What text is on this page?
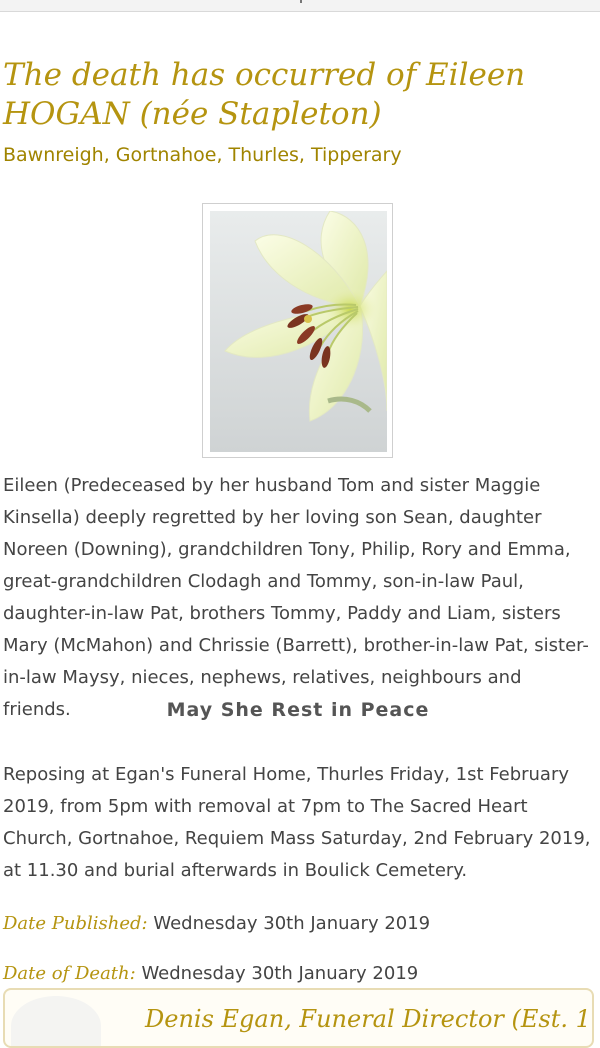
The death has occurred of Eileen HOGAN (née Stapleton)
Bawnreigh, Gortnahoe, Thurles, Tipperary

Eileen (Predeceased by her husband Tom and sister Maggie Kinsella) deeply regretted by her loving son Sean, daughter Noreen (Downing), grandchildren Tony, Philip, Rory and Emma, great-grandchildren Clodagh and Tommy, son-in-law Paul, daughter-in-law Pat, brothers Tommy, Paddy and Liam, sisters Mary (McMahon) and Chrissie (Barrett), brother-in-law Pat, sister-in-law Maysy, nieces, nephews, relatives, neighbours and friends.	May She Rest in Peace

Reposing at Egan's Funeral Home, Thurles Friday, 1st February 2019, from 5pm with removal at 7pm to The Sacred Heart Church, Gortnahoe, Requiem Mass Saturday, 2nd February 2019, at 11.30 and burial afterwards in Boulick Cemetery.

Date Published: Wednesday 30th January 2019
Date of Death: Wednesday 30th January 2019
Denis Egan, Funeral Director (Est. 1
